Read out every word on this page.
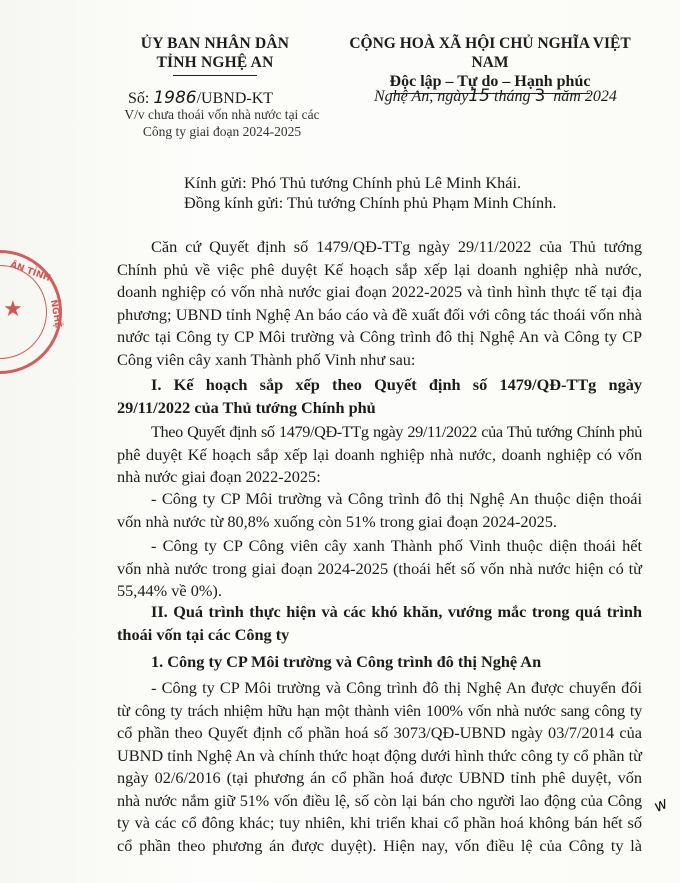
ÂN TỈNH
NGHỆ
★
ỦY BAN NHÂN DÂN
TỈNH NGHỆ AN
Số: 1986/UBND-KT
V/v chưa thoái vốn nhà nước tại các
Công ty giai đoạn 2024-2025
CỘNG HOÀ XÃ HỘI CHỦ NGHĨA VIỆT NAM
Độc lập – Tự do – Hạnh phúc
Nghệ An, ngày15 tháng 3 năm 2024
Kính gửi: Phó Thủ tướng Chính phủ Lê Minh Khái.
Đồng kính gửi: Thủ tướng Chính phủ Phạm Minh Chính.
Căn cứ Quyết định số 1479/QĐ-TTg ngày 29/11/2022 của Thủ tướng
Chính phủ về việc phê duyệt Kế hoạch sắp xếp lại doanh nghiệp nhà nước,
doanh nghiệp có vốn nhà nước giai đoạn 2022-2025 và tình hình thực tế tại địa
phương; UBND tỉnh Nghệ An báo cáo và đề xuất đối với công tác thoái vốn nhà
nước tại Công ty CP Môi trường và Công trình đô thị Nghệ An và Công ty CP
Công viên cây xanh Thành phố Vinh như sau:
I. Kế hoạch sắp xếp theo Quyết định số 1479/QĐ-TTg ngày
29/11/2022 của Thủ tướng Chính phủ
Theo Quyết định số 1479/QĐ-TTg ngày 29/11/2022 của Thủ tướng Chính phủ
phê duyệt Kế hoạch sắp xếp lại doanh nghiệp nhà nước, doanh nghiệp có vốn
nhà nước giai đoạn 2022-2025:
- Công ty CP Môi trường và Công trình đô thị Nghệ An thuộc diện thoái
vốn nhà nước từ 80,8% xuống còn 51% trong giai đoạn 2024-2025.
- Công ty CP Công viên cây xanh Thành phố Vinh thuộc diện thoái hết
vốn nhà nước trong giai đoạn 2024-2025 (thoái hết số vốn nhà nước hiện có từ
55,44% về 0%).
II. Quá trình thực hiện và các khó khăn, vướng mắc trong quá trình
thoái vốn tại các Công ty
1. Công ty CP Môi trường và Công trình đô thị Nghệ An
- Công ty CP Môi trường và Công trình đô thị Nghệ An được chuyển đổi
từ công ty trách nhiệm hữu hạn một thành viên 100% vốn nhà nước sang công ty
cổ phần theo Quyết định cổ phần hoá số 3073/QĐ-UBND ngày 03/7/2014 của
UBND tỉnh Nghệ An và chính thức hoạt động dưới hình thức công ty cổ phần từ
ngày 02/6/2016 (tại phương án cổ phần hoá được UBND tỉnh phê duyệt, vốn
nhà nước nắm giữ 51% vốn điều lệ, số còn lại bán cho người lao động của Công
ty và các cổ đông khác; tuy nhiên, khi triển khai cổ phần hoá không bán hết số
cổ phần theo phương án được duyệt). Hiện nay, vốn điều lệ của Công ty là
w
